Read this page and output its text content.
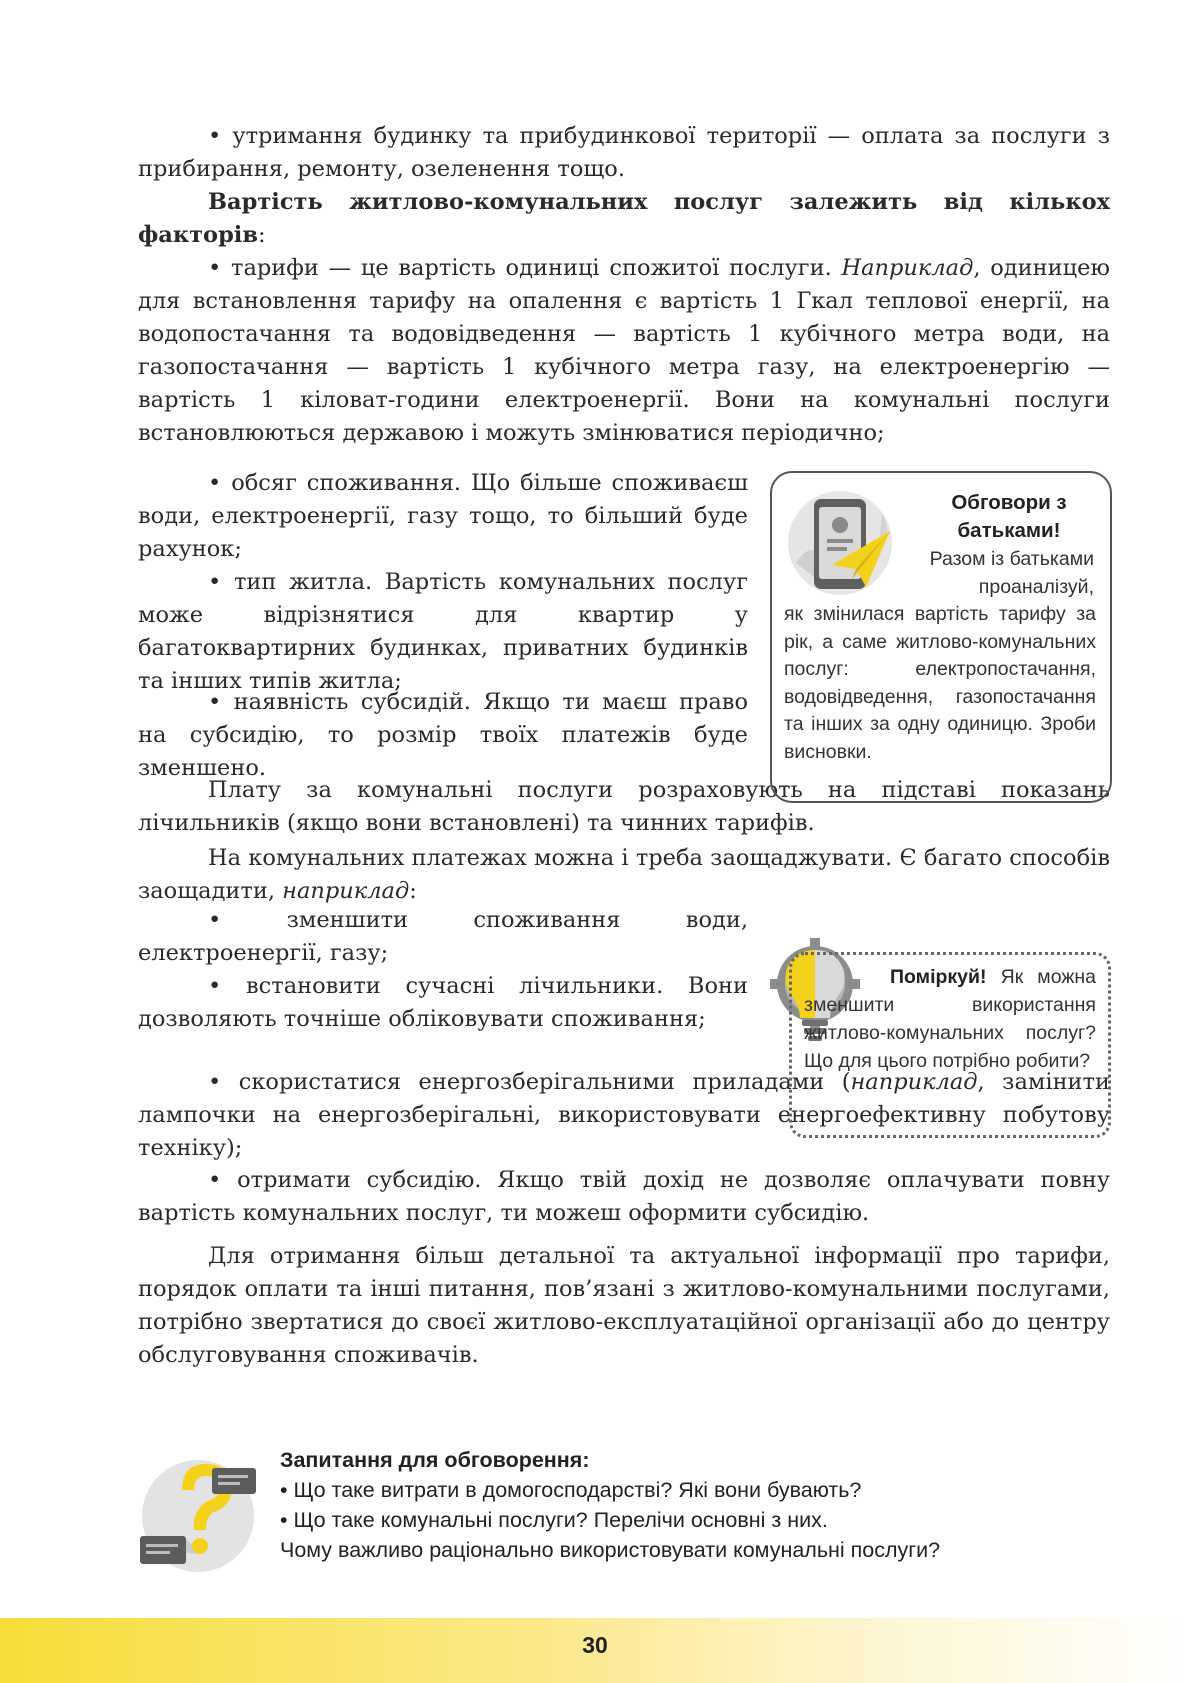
• утримання будинку та прибудинкової території — оплата за послуги з прибирання, ремонту, озеленення тощо.

Вартість житлово-комунальних послуг залежить від кількох факторів:

• тарифи — це вартість одиниці спожитої послуги. Наприклад, одиницею для встановлення тарифу на опалення є вартість 1 Гкал теплової енергії, на водопостачання та водовідведення — вартість 1 кубічного метра води, на газопостачання — вартість 1 кубічного метра газу, на електроенергію — вартість 1 кіловат-години електроенергії. Вони на комунальні послуги встановлюються державою і можуть змінюватися періодично;

• обсяг споживання. Що більше споживаєш води, електроенергії, газу тощо, то більший буде рахунок;

• тип житла. Вартість комунальних послуг може відрізнятися для квартир у багатоквартирних будинках, приватних будинків та інших типів житла;

• наявність субсидій. Якщо ти маєш право на субсидію, то розмір твоїх платежів буде зменшено.

Плату за комунальні послуги розраховують на підставі показань лічильників (якщо вони встановлені) та чинних тарифів.

На комунальних платежах можна і треба заощаджувати. Є багато способів заощадити, наприклад:

• зменшити споживання води, електроенергії, газу;

• встановити сучасні лічильники. Вони дозволяють точніше обліковувати споживання;

• скористатися енергозберігальними приладами (наприклад, замінити лампочки на енергозберігальні, використовувати енергоефективну побутову техніку);

• отримати субсидію. Якщо твій дохід не дозволяє оплачувати повну вартість комунальних послуг, ти можеш оформити субсидію.

Для отримання більш детальної та актуальної інформації про тарифи, порядок оплати та інші питання, пов’язані з житлово-комунальними послугами, потрібно звертатися до своєї житлово-експлуатаційної організації або до центру обслуговування споживачів.

Обговори з батьками!

Разом із батьками проаналізуй,

як змінилася вартість тарифу за рік, а саме житлово-комунальних послуг: електропостачання, водовідведення, газопостачання та інших за одну одиницю. Зроби висновки.

Поміркуй! Як можна зменшити використання житлово-комунальних послуг? Що для цього потрібно робити?

Запитання для обговорення:
• Що таке витрати в домогосподарстві? Які вони бувають?
• Що таке комунальні послуги? Перелічи основні з них.
Чому важливо раціонально використовувати комунальні послуги?
30
